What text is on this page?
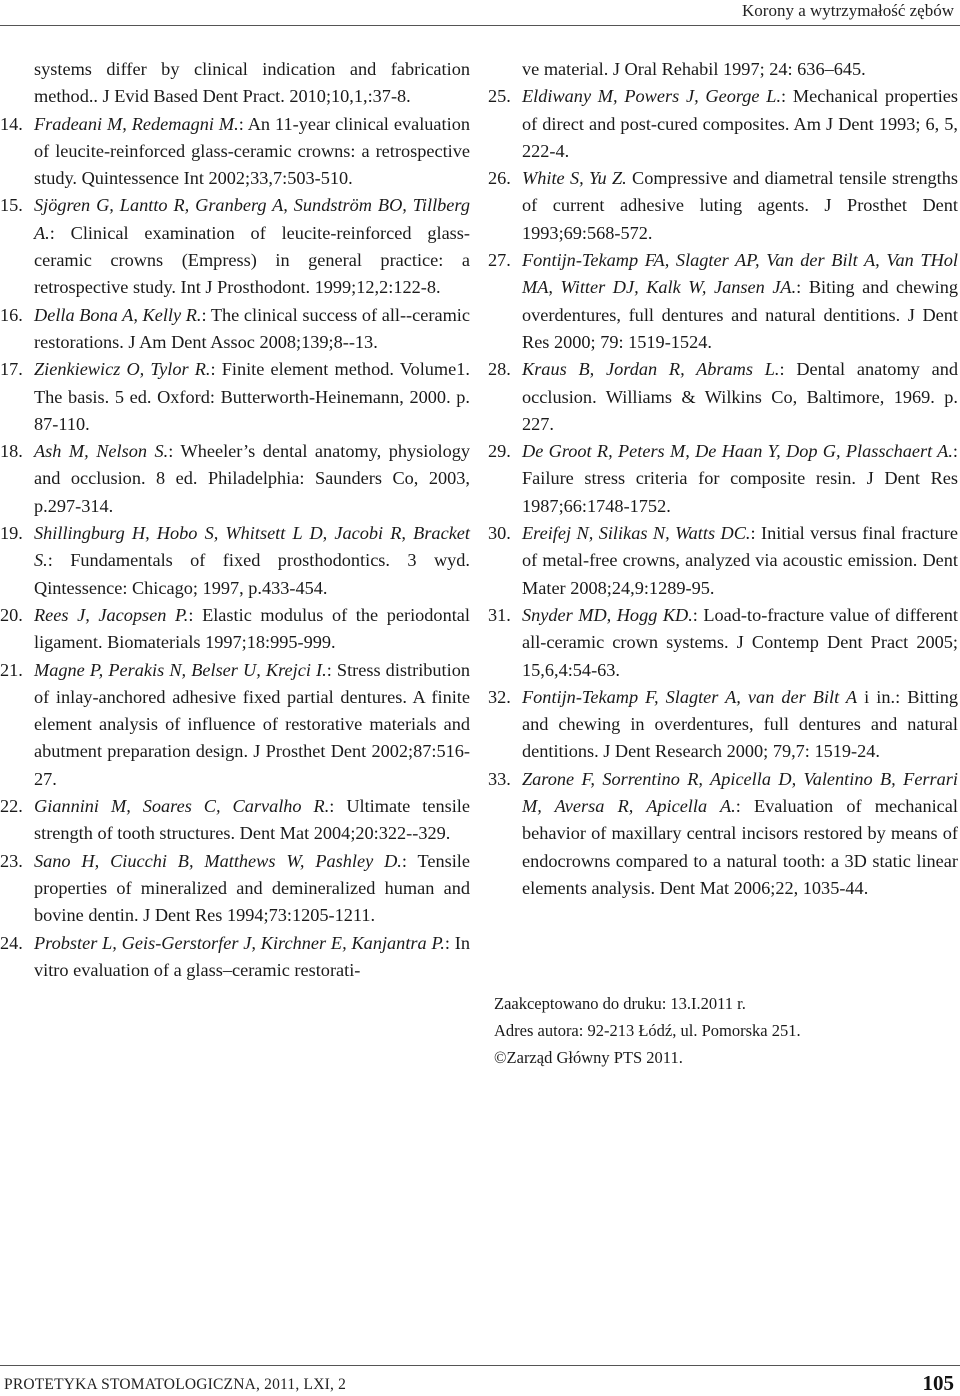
Korony a wytrzymałość zębów

systems differ by clinical indication and fabrication method.. J Evid Based Dent Pract. 2010;10,1,:37-8.

14. Fradeani M, Redemagni M.: An 11-year clinical evaluation of leucite-reinforced glass-ceramic crowns: a retrospective study. Quintessence Int 2002;33,7:503-510.

15. Sjögren G, Lantto R, Granberg A, Sundström BO, Tillberg A.: Clinical examination of leucite-reinforced glass-ceramic crowns (Empress) in general practice: a retrospective study. Int J Prosthodont. 1999;12,2:122-8.

16. Della Bona A, Kelly R.: The clinical success of all--ceramic restorations. J Am Dent Assoc 2008;139;8--13.

17. Zienkiewicz O, Tylor R.: Finite element method. Volume1. The basis. 5 ed. Oxford: Butterworth-Heinemann, 2000. p. 87-110.

18. Ash M, Nelson S.: Wheeler’s dental anatomy, physiology and occlusion. 8 ed. Philadelphia: Saunders Co, 2003, p.297-314.

19. Shillingburg H, Hobo S, Whitsett L D, Jacobi R, Bracket S.: Fundamentals of fixed prosthodontics. 3 wyd. Qintessence: Chicago; 1997, p.433-454.

20. Rees J, Jacopsen P.: Elastic modulus of the periodontal ligament. Biomaterials 1997;18:995-999.

21. Magne P, Perakis N, Belser U, Krejci I.: Stress distribution of inlay-anchored adhesive fixed partial dentures. A finite element analysis of influence of restorative materials and abutment preparation design. J Prosthet Dent 2002;87:516-27.

22. Giannini M, Soares C, Carvalho R.: Ultimate tensile strength of tooth structures. Dent Mat 2004;20:322--329.

23. Sano H, Ciucchi B, Matthews W, Pashley D.: Tensile properties of mineralized and demineralized human and bovine dentin. J Dent Res 1994;73:1205-1211.

24. Probster L, Geis-Gerstorfer J, Kirchner E, Kanjantra P.: In vitro evaluation of a glass–ceramic restorati-

ve material. J Oral Rehabil 1997; 24: 636–645.

25. Eldiwany M, Powers J, George L.: Mechanical properties of direct and post-cured composites. Am J Dent 1993; 6, 5, 222-4.

26. White S, Yu Z. Compressive and diametral tensile strengths of current adhesive luting agents. J Prosthet Dent 1993;69:568-572.

27. Fontijn-Tekamp FA, Slagter AP, Van der Bilt A, Van THol MA, Witter DJ, Kalk W, Jansen JA.: Biting and chewing overdentures, full dentures and natural dentitions. J Dent Res 2000; 79: 1519-1524.

28. Kraus B, Jordan R, Abrams L.: Dental anatomy and occlusion. Williams & Wilkins Co, Baltimore, 1969. p. 227.

29. De Groot R, Peters M, De Haan Y, Dop G, Plasschaert A.: Failure stress criteria for composite resin. J Dent Res 1987;66:1748-1752.

30. Ereifej N, Silikas N, Watts DC.: Initial versus final fracture of metal-free crowns, analyzed via acoustic emission. Dent Mater 2008;24,9:1289-95.

31. Snyder MD, Hogg KD.: Load-to-fracture value of different all-ceramic crown systems. J Contemp Dent Pract 2005; 15,6,4:54-63.

32. Fontijn-Tekamp F, Slagter A, van der Bilt A i in.: Bitting and chewing in overdentures, full dentures and natural dentitions. J Dent Research 2000; 79,7: 1519-24.

33. Zarone F, Sorrentino R, Apicella D, Valentino B, Ferrari M, Aversa R, Apicella A.: Evaluation of mechanical behavior of maxillary central incisors restored by means of endocrowns compared to a natural tooth: a 3D static linear elements analysis. Dent Mat 2006;22, 1035-44.

Zaakceptowano do druku: 13.I.2011 r.
Adres autora: 92-213 Łódź, ul. Pomorska 251.
©Zarząd Główny PTS 2011.
PROTETYKA STOMATOLOGICZNA, 2011, LXI, 2	105
